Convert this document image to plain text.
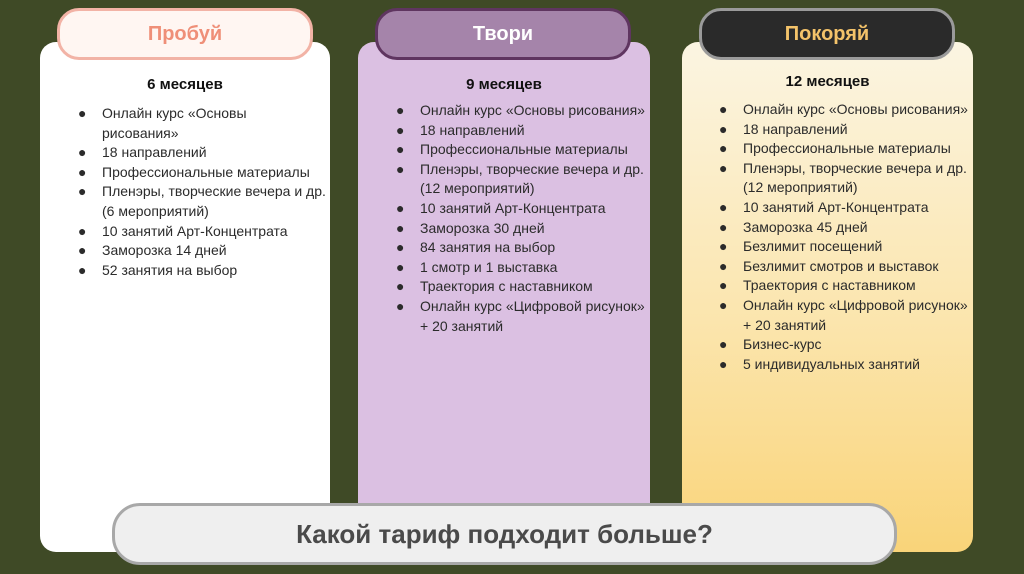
Пробуй	Твори	Покоряй
6 месяцев	9 месяцев	12 месяцев
● Онлайн курс «Основы рисования»
● 18 направлений
● Профессиональные материалы
● Пленэры, творческие вечера и др. (6 мероприятий)
● 10 занятий Арт-Концентрата
● Заморозка 14 дней
● 52 занятия на выбор
● Онлайн курс «Основы рисования»
● 18 направлений
● Профессиональные материалы
● Пленэры, творческие вечера и др. (12 мероприятий)
● 10 занятий Арт-Концентрата
● Заморозка 30 дней
● 84 занятия на выбор
● 1 смотр и 1 выставка
● Траектория с наставником
● Онлайн курс «Цифровой рисунок» + 20 занятий
● Онлайн курс «Основы рисования»
● 18 направлений
● Профессиональные материалы
● Пленэры, творческие вечера и др. (12 мероприятий)
● 10 занятий Арт-Концентрата
● Заморозка 45 дней
● Безлимит посещений
● Безлимит смотров и выставок
● Траектория с наставником
● Онлайн курс «Цифровой рисунок» + 20 занятий
● Бизнес-курс
● 5 индивидуальных занятий
Какой тариф подходит больше?
